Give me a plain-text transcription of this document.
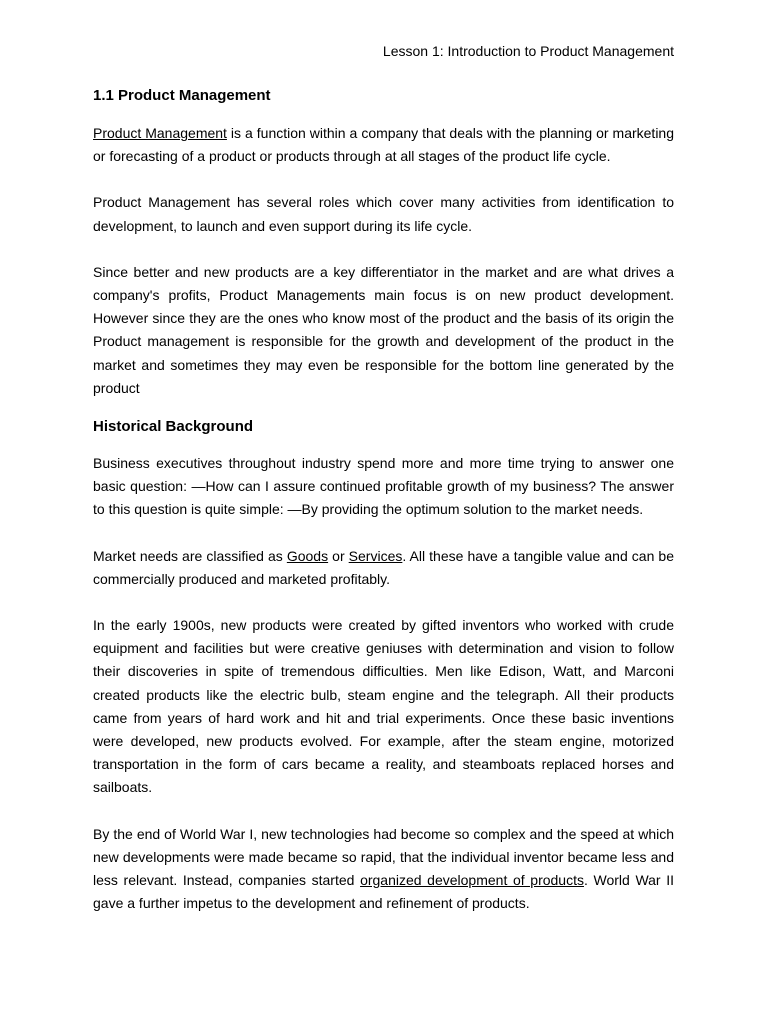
Lesson 1: Introduction to Product Management
1.1 Product Management

Product Management is a function within a company that deals with the planning or marketing or forecasting of a product or products through at all stages of the product life cycle.

Product Management has several roles which cover many activities from identification to development, to launch and even support during its life cycle.

Since better and new products are a key differentiator in the market and are what drives a company's profits, Product Managements main focus is on new product development. However since they are the ones who know most of the product and the basis of its origin the Product management is responsible for the growth and development of the product in the market and sometimes they may even be responsible for the bottom line generated by the product

Historical Background

Business executives throughout industry spend more and more time trying to answer one basic question: —How can I assure continued profitable growth of my business? The answer to this question is quite simple: —By providing the optimum solution to the market needs.

Market needs are classified as Goods or Services. All these have a tangible value and can be commercially produced and marketed profitably.

In the early 1900s, new products were created by gifted inventors who worked with crude equipment and facilities but were creative geniuses with determination and vision to follow their discoveries in spite of tremendous difficulties. Men like Edison, Watt, and Marconi created products like the electric bulb, steam engine and the telegraph. All their products came from years of hard work and hit and trial experiments. Once these basic inventions were developed, new products evolved. For example, after the steam engine, motorized transportation in the form of cars became a reality, and steamboats replaced horses and sailboats.

By the end of World War I, new technologies had become so complex and the speed at which new developments were made became so rapid, that the individual inventor became less and less relevant. Instead, companies started organized development of products. World War II gave a further impetus to the development and refinement of products.
